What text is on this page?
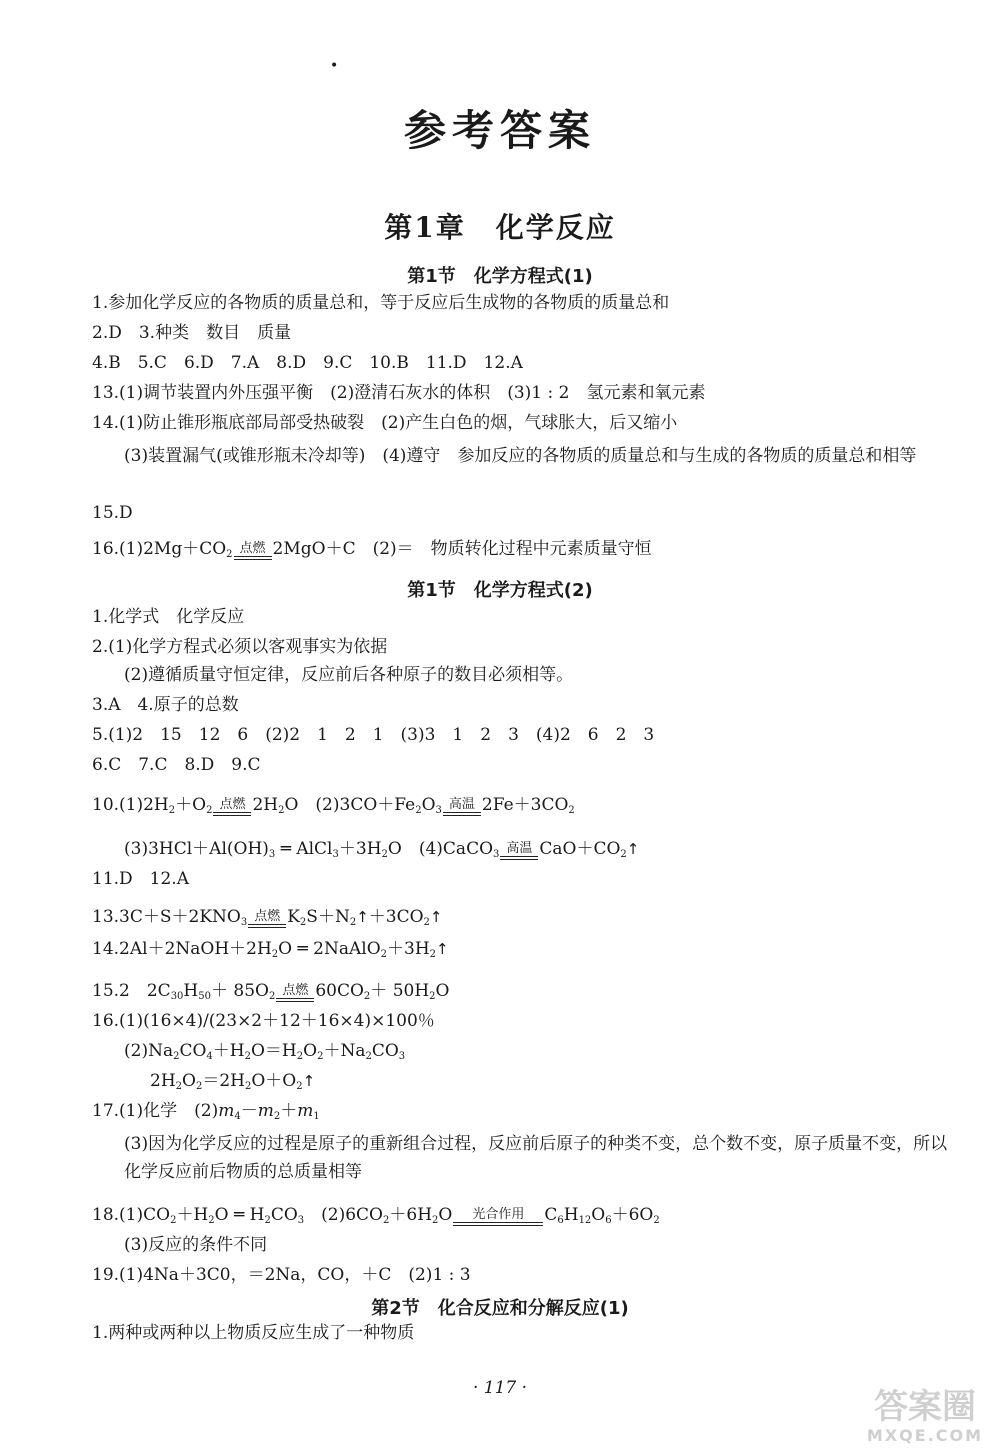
•
参考答案
第1章　化学反应
第1节　化学方程式(1)
1.参加化学反应的各物质的质量总和，等于反应后生成物的各物质的质量总和
2.D　3.种类　数目　质量
4.B　5.C　6.D　7.A　8.D　9.C　10.B　11.D　12.A
13.(1)调节装置内外压强平衡　(2)澄清石灰水的体积　(3)1 : 2　氢元素和氧元素
14.(1)防止锥形瓶底部局部受热破裂　(2)产生白色的烟，气球胀大，后又缩小
(3)装置漏气(或锥形瓶未冷却等)　(4)遵守　参加反应的各物质的质量总和与生成的各物质的质量总和相等
15.D
$16.(1)2Mg+CO_2$ 点燃 2MgO＋C　(2)＝　物质转化过程中元素质量守恒
第1节　化学方程式(2)
1.化学式　化学反应
2.(1)化学方程式必须以客观事实为依据
(2)遵循质量守恒定律，反应前后各种原子的数目必须相等。
3.A　4.原子的总数
5.(1)2　15　12　6　(2)2　1　2　1　(3)3　1　2　3　(4)2　6　2　3
6.C　7.C　8.D　9.C
$10.(1)2H_2+O_2$ 点燃 $2H_2O$　$(2)3CO+Fe_2O_3$ 高温 $2Fe+3CO_2$
$(3)3HCl+Al(OH)_3$ ═ $AlCl_3+3H_2O$　(4)CaCO$_3$ 高温 $CaO+CO_2↑$
11.D　12.A
$13.3C+S+2KNO_3$ 点燃 $K_2S+N_2↑+3CO_2↑$
$14.2Al+2NaOH+2H_2O$ ═ $2NaAlO_2+3H_2↑$
15.2　$2C_{30}H_{50}+ 85O_2$ 点燃 $60CO_2+ 50H_2O$
16.(1)(16×4)/(23×2＋12＋16×4)×100％
$(2)Na_2CO_4+H_2O=H_2O_2+Na_2CO_3$
$2H_2O_2=2H_2O+O_2↑$
17.(1)化学　$(2)m_4-m_2+m_1$
(3)因为化学反应的过程是原子的重新组合过程，反应前后原子的种类不变，总个数不变，原子质量不变，所以化学反应前后物质的总质量相等
$18.(1)CO_2+H_2O$ ═ $H_2CO_3$　$(2)6CO_2+6H_2O$ 光合作用 $C_6H_{12}O_6+6O_2$
(3)反应的条件不同
19.(1)4Na＋3C0，＝2Na，CO，＋C　(2)1 : 3
第2节　化合反应和分解反应(1)
1.两种或两种以上物质反应生成了一种物质
· 117 ·	答案圈
MXQE.COM
